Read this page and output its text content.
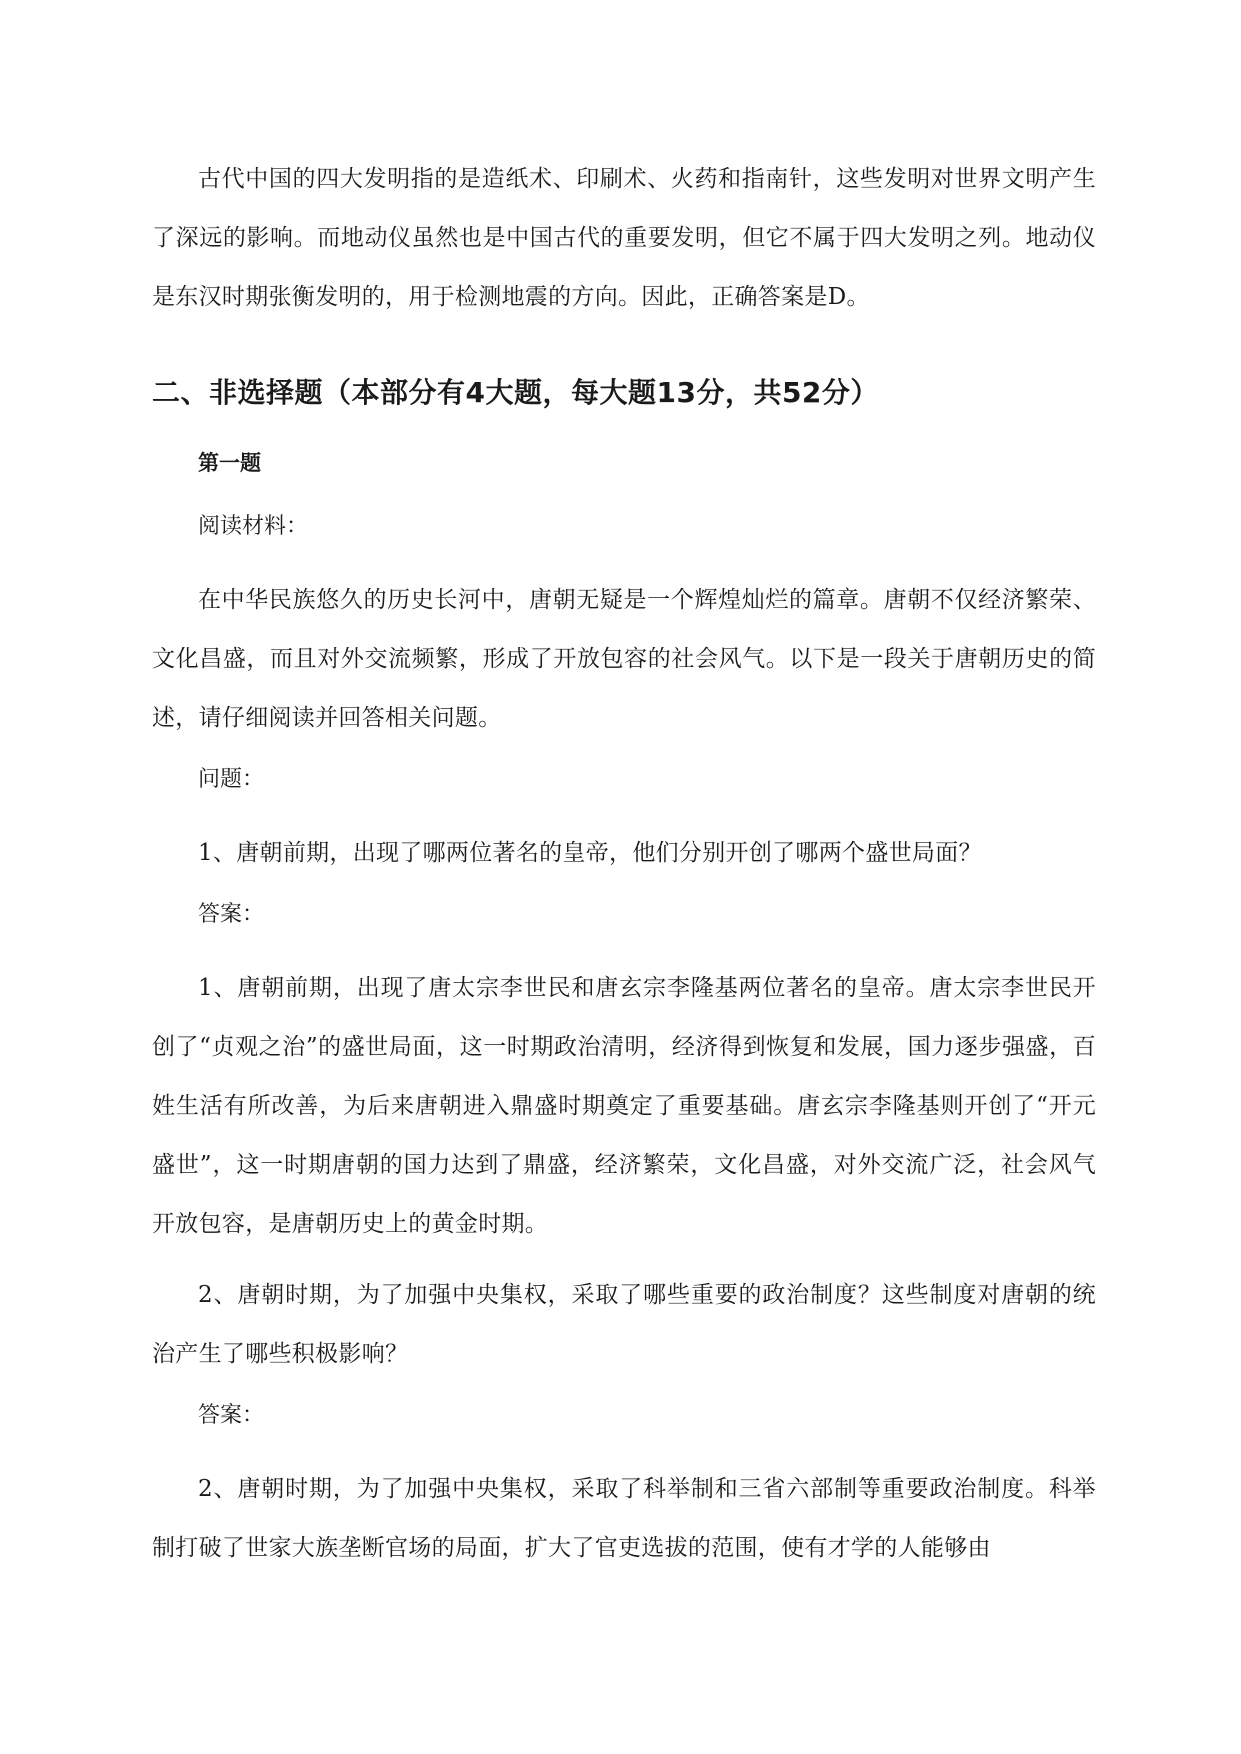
古代中国的四大发明指的是造纸术、印刷术、火药和指南针，这些发明对世界文明产生了深远的影响。而地动仪虽然也是中国古代的重要发明，但它不属于四大发明之列。地动仪是东汉时期张衡发明的，用于检测地震的方向。因此，正确答案是D。

二、非选择题（本部分有4大题，每大题13分，共52分）
第一题
阅读材料：

在中华民族悠久的历史长河中，唐朝无疑是一个辉煌灿烂的篇章。唐朝不仅经济繁荣、文化昌盛，而且对外交流频繁，形成了开放包容的社会风气。以下是一段关于唐朝历史的简述，请仔细阅读并回答相关问题。

问题：

1、唐朝前期，出现了哪两位著名的皇帝，他们分别开创了哪两个盛世局面？

答案：

1、唐朝前期，出现了唐太宗李世民和唐玄宗李隆基两位著名的皇帝。唐太宗李世民开创了“贞观之治”的盛世局面，这一时期政治清明，经济得到恢复和发展，国力逐步强盛，百姓生活有所改善，为后来唐朝进入鼎盛时期奠定了重要基础。唐玄宗李隆基则开创了“开元盛世”，这一时期唐朝的国力达到了鼎盛，经济繁荣，文化昌盛，对外交流广泛，社会风气开放包容，是唐朝历史上的黄金时期。

2、唐朝时期，为了加强中央集权，采取了哪些重要的政治制度？这些制度对唐朝的统治产生了哪些积极影响？

答案：

2、唐朝时期，为了加强中央集权，采取了科举制和三省六部制等重要政治制度。科举制打破了世家大族垄断官场的局面，扩大了官吏选拔的范围，使有才学的人能够由
